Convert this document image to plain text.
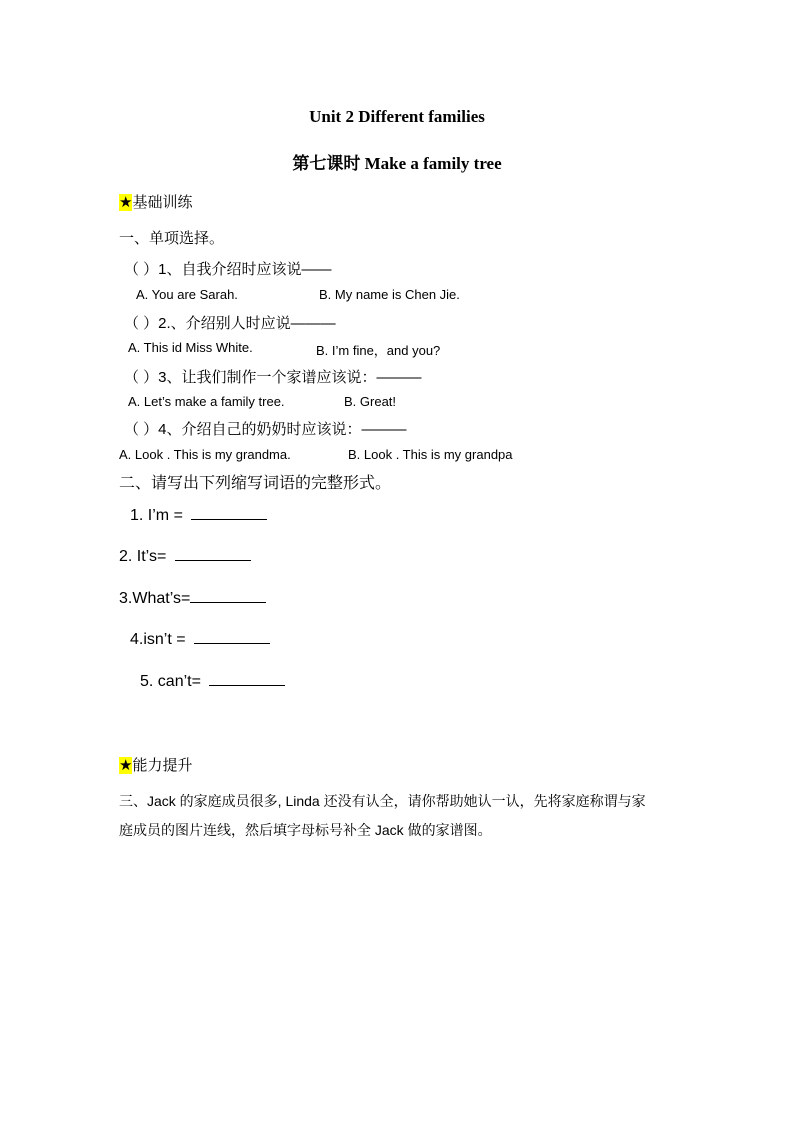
Unit 2 Different families
第七课时 Make a family tree
★基础训练
一、单项选择。
（ ）1、自我介绍时应该说——
A. You are Sarah.	B. My name is Chen Jie.
（ ）2.、介绍别人时应说———
A. This id Miss White.	B. I’m fine，and you?
（ ）3、让我们制作一个家谱应该说：———
A. Let’s make a family tree.	B. Great!
（ ）4、介绍自己的奶奶时应该说：———
A. Look . This is my grandma.	B. Look . This is my grandpa
二、请写出下列缩写词语的完整形式。
1. I’m =
2. It’s=
3.What’s=
4.isn’t =
5. can’t=
★能力提升
三、Jack 的家庭成员很多, Linda 还没有认全，请你帮助她认一认，先将家庭称谓与家
庭成员的图片连线，然后填字母标号补全 Jack 做的家谱图。
